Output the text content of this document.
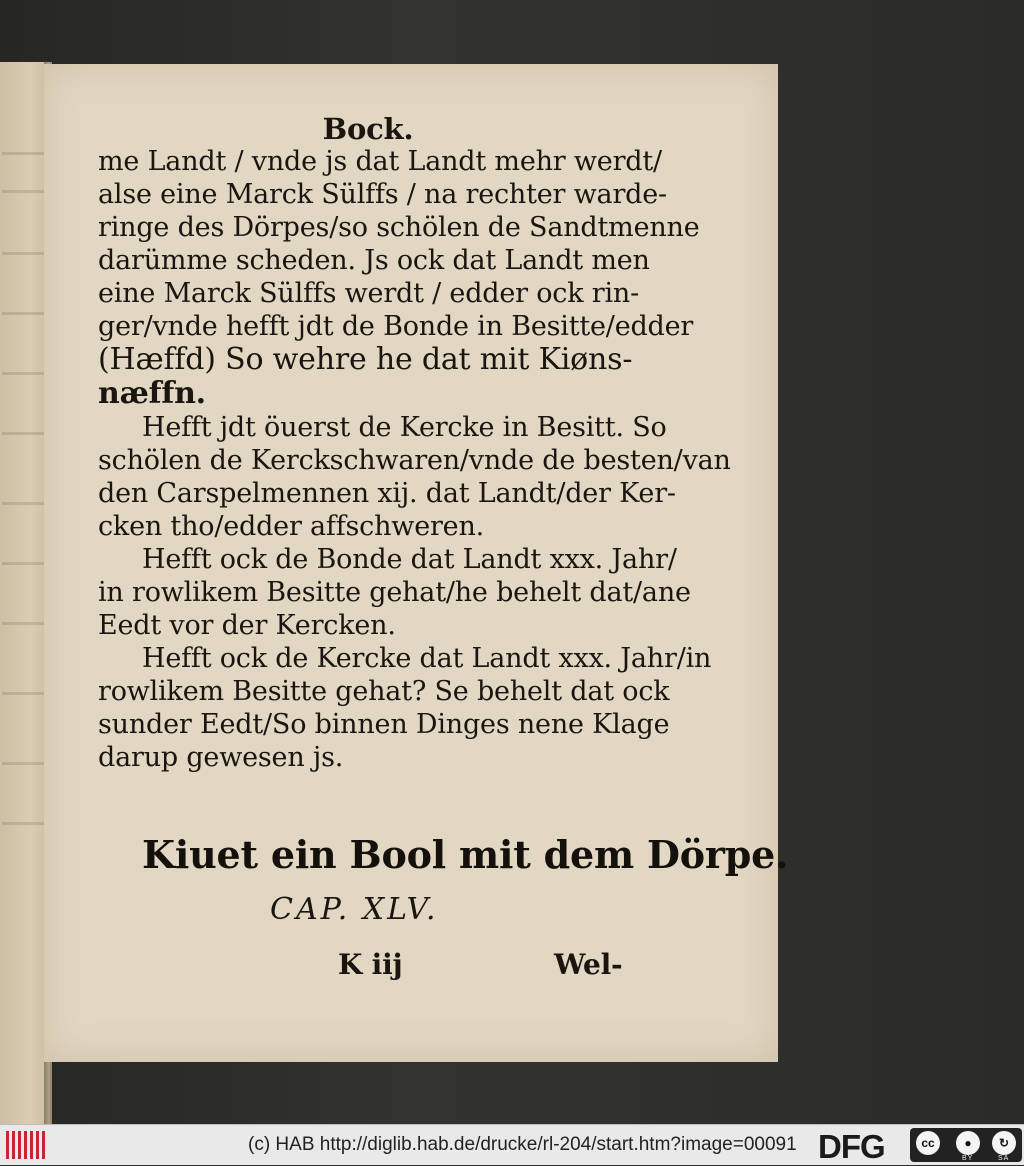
Bock.
me Landt / vnde js dat Landt mehr werdt/
alse eine Marck Sülffs / na rechter warde-
ringe des Dörpes/so schölen de Sandtmenne
darümme scheden. Js ock dat Landt men
eine Marck Sülffs werdt / edder ock rin-
ger/vnde hefft jdt de Bonde in Besitte/edder
(Hæffd) So wehre he dat mit Kiøns-
næffn.
Hefft jdt öuerst de Kercke in Besitt. So
schölen de Kerckschwaren/vnde de besten/van
den Carspelmennen xij. dat Landt/der Ker-
cken tho/edder affschweren.
Hefft ock de Bonde dat Landt xxx. Jahr/
in rowlikem Besitte gehat/he behelt dat/ane
Eedt vor der Kercken.
Hefft ock de Kercke dat Landt xxx. Jahr/in
rowlikem Besitte gehat? Se behelt dat ock
sunder Eedt/So binnen Dinges nene Klage
darup gewesen js.
Kiuet ein Bool mit dem Dörpe.
CAP. XLV.
K iij	Wel-
(c) HAB http://diglib.hab.de/drucke/rl-204/start.htm?image=00091 DFG	cc	●	↻
BY	SA
